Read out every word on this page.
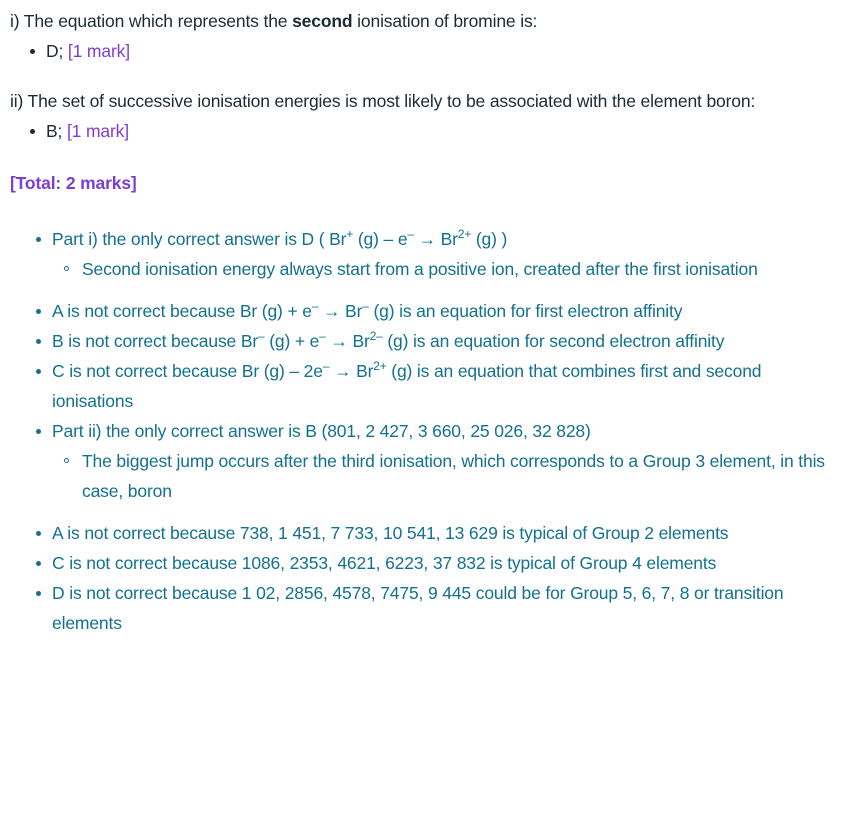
i) The equation which represents the second ionisation of bromine is:

D; [1 mark]

ii) The set of successive ionisation energies is most likely to be associated with the element boron:

B; [1 mark]
[Total: 2 marks]
Part i) the only correct answer is D ( Br+ $(g) - e^- \to Br^{2+}$ (g) )
Second ionisation energy always start from a positive ion, created after the first ionisation
A is not correct because Br (g) + e– → Br– (g) is an equation for first electron affinity
B is not correct because Br– $(g) + e^- \to Br^{2-}$ (g) is an equation for second electron affinity
C is not correct because Br $(g) - 2e^- \to Br^{2+}$ (g) is an equation that combines first and second ionisations
Part ii) the only correct answer is B (801, 2 427, 3 660, 25 026, 32 828)
The biggest jump occurs after the third ionisation, which corresponds to a Group 3 element, in this case, boron
A is not correct because 738, 1 451, 7 733, 10 541, 13 629 is typical of Group 2 elements
C is not correct because 1086, 2353, 4621, 6223, 37 832 is typical of Group 4 elements
D is not correct because 1 02, 2856, 4578, 7475, 9 445 could be for Group 5, 6, 7, 8 or transition elements
